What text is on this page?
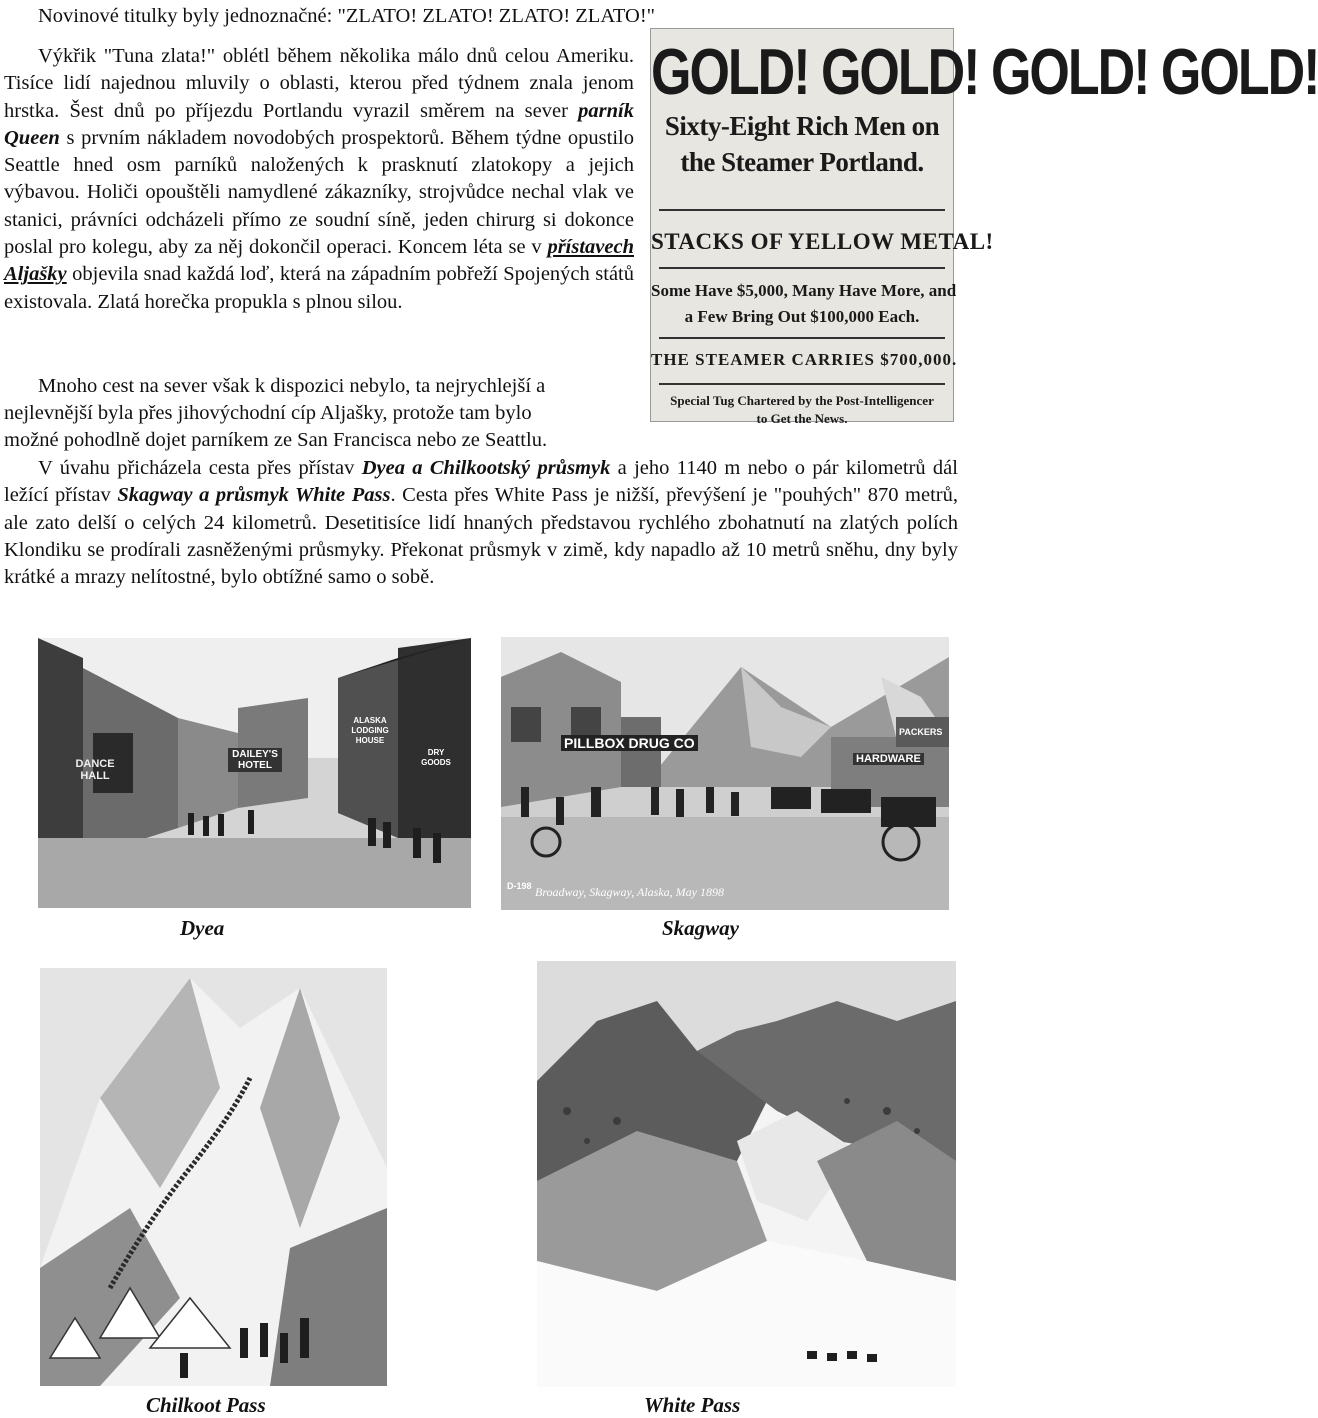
Novinové titulky byly jednoznačné: "ZLATO! ZLATO! ZLATO! ZLATO!"

Výkřik "Tuna zlata!" oblétl během několika málo dnů celou Ameriku. Tisíce lidí najednou mluvily o oblasti, kterou před týdnem znala jenom hrstka. Šest dnů po příjezdu Portlandu vyrazil směrem na sever parník Queen s prvním nákladem novodobých prospektorů. Během týdne opustilo Seattle hned osm parníků naložených k prasknutí zlatokopy a jejich výbavou. Holiči opouštěli namydlené zákazníky, strojvůdce nechal vlak ve stanici, právníci odcházeli přímo ze soudní síně, jeden chirurg si dokonce poslal pro kolegu, aby za něj dokončil operaci. Koncem léta se v přístavech Aljašky objevila snad každá loď, která na západním pobřeží Spojených států existovala. Zlatá horečka propukla s plnou silou.

Mnoho cest na sever však k dispozici nebylo, ta nejrychlejší a
nejlevnější byla přes jihovýchodní cíp Aljašky, protože tam bylo
možné pohodlně dojet parníkem ze San Francisca nebo ze Seattlu.

V úvahu přicházela cesta přes přístav Dyea a Chilkootský průsmyk a jeho 1140 m nebo o pár kilometrů dál ležící přístav Skagway a průsmyk White Pass. Cesta přes White Pass je nižší, převýšení je "pouhých" 870 metrů, ale zato delší o celých 24 kilometrů. Desetitisíce lidí hnaných představou rychlého zbohatnutí na zlatých polích Klondiku se prodírali zasněženými průsmyky. Překonat průsmyk v zimě, kdy napadlo až 10 metrů sněhu, dny byly krátké a mrazy nelítostné, bylo obtížné samo o sobě.

GOLD! GOLD! GOLD! GOLD!
Sixty-Eight Rich Men on
the Steamer Portland.
STACKS OF YELLOW METAL!
Some Have $5,000, Many Have More, and
a Few Bring Out $100,000 Each.
THE STEAMER CARRIES $700,000.
Special Tug Chartered by the Post-Intelligencer
to Get the News.
DANCE HALL
DAILEY'S HOTEL
ALASKA LODGING HOUSE
DRY GOODS
Dyea
PILLBOX DRUG CO
HARDWARE
PACKERS
Broadway, Skagway, Alaska, May 1898
D-198
Skagway
Chilkoot Pass	White Pass
